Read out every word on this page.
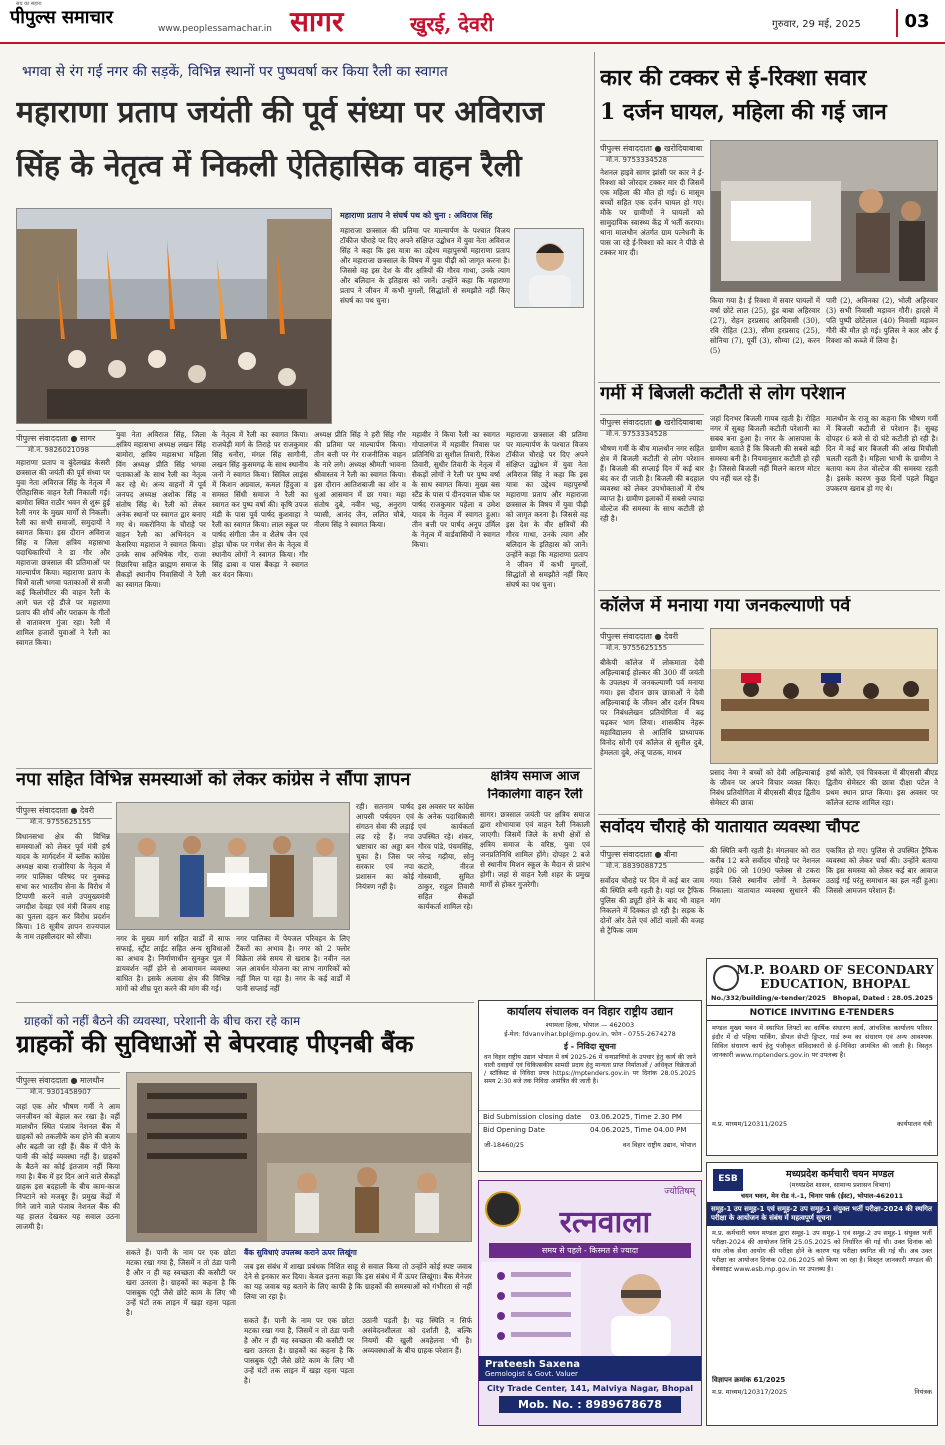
सच का सहारा
पीपुल्स समाचार
www.peoplessamachar.in सागर	खुरई, देवरी	गुरुवार, 29 मई, 2025	03
भगवा से रंग गई नगर की सड़कें, विभिन्न स्थानों पर पुष्पवर्षा कर किया रैली का स्वागत
महाराणा प्रताप जयंती की पूर्व संध्या पर अविराज
सिंह के नेतृत्व में निकली ऐतिहासिक वाहन रैली
महाराणा प्रताप ने संघर्ष पथ को चुना : अविराज सिंह
महाराजा छत्रसाल की प्रतिमा पर माल्यार्पण के पश्चात विजय टॉकीज चौराहे पर दिए अपने संक्षिप्त उद्बोधन में युवा नेता अविराज सिंह ने कहा कि इस यात्रा का उद्देश्य महापुरुषों महाराणा प्रताप और महाराजा छत्रसाल के विषय में युवा पीढ़ी को जागृत करना है। जिससे वह इस देश के वीर क्षत्रियों की गौरव गाथा, उनके त्याग और बलिदान के इतिहास को जानें। उन्होंने कहा कि महाराणा प्रताप ने जीवन में कभी मुगलों, सिद्धांतों से समझौते नहीं किए संघर्ष का पथ चुना।
पीपुल्स संवाददाता ● सागर
मो.नं. 9826021098
महाराणा प्रताप व बुंदेलखंड केसरी छत्रसाल की जयंती की पूर्व संध्या पर युवा नेता अविराज सिंह के नेतृत्व में ऐतिहासिक वाहन रैली निकाली गई। बामोरा स्थित राठौर भवन से शुरू हुई रैली नगर के मुख्य मार्गों से निकली। रैली का सभी समाजों, समुदायों ने स्वागत किया। इस दौरान अविराज सिंह व जिला क्षत्रिय महासभा पदाधिकारियों ने डा गौर और महाराजा छत्रसाल की प्रतिमाओं पर माल्यार्पण किया। महाराणा प्रताप के चित्रों वाली भगवा पताकाओं से सजी कई किलोमीटर की वाहन रैली के आगे चल रहे डीजे पर महाराणा प्रताप की शौर्य और पराक्रम के गीतों से वातावरण गुंजा रहा। रैली में शामिल हजारों युवाओं ने रैली का स्वागत किया।
युवा नेता अविराज सिंह, जिला क्षत्रिय महासभा अध्यक्ष लखन सिंह बामोरा, क्षत्रिय महासभा महिला विंग अध्यक्ष प्रीति सिंह भगवा पताकाओं के साथ रैली का नेतृत्व कर रहे थे। अन्य वाहनों में पूर्व जनपद अध्यक्ष अशोक सिंह व संतोष सिंह थे। रैली को लेकर अनेक स्थानों पर स्वागत द्वार बनाए गए थे। मकरोनिया के चौराहे पर वाहन रैली का अभिनंदन व केसरिया महाराज ने स्वागत किया। उनके साथ अभिषेक गौर, राजा रिछारिया सहित ब्राह्मण समाज के सैकड़ों स्थानीय निवासियों ने रैली का स्वागत किया।
के नेतृत्व में रैली का स्वागत किया। राजघेड़ी मार्ग के तिराहे पर राजकुमार सिंह धनौरा, मंगल सिंह सागौनी, लखन सिंह कुसमगढ़ के साथ स्थानीय जनों ने स्वागत किया। सिविल लाइंस में किशन अग्रवाल, कमल हिंदुजा व समस्त सिंधी समाज ने रैली का स्वागत कर पुष्प वर्षा की। कृषि उपज मंडी के पास पूर्व पार्षद कुशवाहा ने रैली का स्वागत किया। लाल स्कूल पर पार्षद संगीता जैन व शैलेष जैन एवं होड़ा चौक पर गणेश सेन के नेतृत्व में स्थानीय लोगों ने स्वागत किया। गौर सिंह ढाबा व पास बैंकड़ा ने स्वागत कर वंदन किया।
अध्यक्ष प्रीति सिंह ने हरी सिंह गौर की प्रतिमा पर माल्यार्पण किया। तीन बत्ती पर गेर राजनीतिक वाहन के नारे लगे। अध्यक्ष श्रीमती भावना श्रीवास्तव ने रैली का स्वागत किया। इस दौरान आतिशबाजी का शोर व धुआं आसमान में छा गया। महा संतोष दुबे, नवीन भट्ट, अनुराग प्यासी, आनंद जैन, ललित चौबे, नीलम सिंह ने स्वागत किया।
महावीर ने किया रैली का स्वागत गोपालगंज में महावीर निवास पर प्रतिनिधि डा सुशील तिवारी, रिंकेश तिवारी, सुधीर तिवारी के नेतृत्व में सैकड़ों लोगों ने रैली पर पुष्प वर्षा के साथ स्वागत किया। मुख्य बस स्टैंड के पास पं दीनदयाल चौक पर पार्षद राजकुमार पहेला व उमेश यादव के नेतृत्व में स्वागत हुआ। तीन बत्ती पर पार्षद अनूप उर्मिल के नेतृत्व में वार्डवासियों ने स्वागत किया।
महाराजा छत्रसाल की प्रतिमा पर माल्यार्पण के पश्चात विजय टॉकीज चौराहे पर दिए अपने संक्षिप्त उद्बोधन में युवा नेता अविराज सिंह ने कहा कि इस यात्रा का उद्देश्य महापुरुषों महाराणा प्रताप और महाराजा छत्रसाल के विषय में युवा पीढ़ी को जागृत करना है। जिससे वह इस देश के वीर क्षत्रियों की गौरव गाथा, उनके त्याग और बलिदान के इतिहास को जानें। उन्होंने कहा कि महाराणा प्रताप ने जीवन में कभी मुगलों, सिद्धांतों से समझौते नहीं किए संघर्ष का पथ चुना।
कार की टक्कर से ई-रिक्शा सवार
1 दर्जन घायल, महिला की गई जान
पीपुल्स संवाददाता ● खरोदियाबाबा
मो.नं. 9753334528
नेशनल हाइवे सागर झांसी पर कार ने ई-रिक्शा को जोरदार टक्कर मार दी जिसमें एक महिला की मौत हो गई। 6 मासूम बच्चों सहित एक दर्जन घायल हो गए। मौके पर ग्रामीणों ने घायलों को सामुदायिक स्वास्थ्य केंद्र में भर्ती कराया। थाना मालथौन अंतर्गत ग्राम पत्नेधनी के पास जा रहे ई-रिक्शा को कार ने पीछे से टक्कर मार दी।
किया गया है। ई रिक्शा में सवार घायलों में वर्षा छोटे लाल (25), हुंड बाबा अहिरवार (27), रोहन हरप्रसाद आदिवासी (30), रवि रोहित (23), सीमा हरप्रसाद (25), सोनिया (7), पूर्वी (3), सौम्या (2), करन (5)
पारी (2), अविनका (2), भोली अहिरवार (3) सभी निवासी मड़ावन गौरी। हादसे में पति पुष्पी छोटेलाल (40) निवासी मड़ावन गौरी की मौत हो गई। पुलिस ने कार और ई रिक्शा को कब्जे में लिया है।
गर्मी में बिजली कटौती से लोग परेशान
पीपुल्स संवाददाता ● खरोदियाबाबा
मो.नं. 9753334528
भीषण गर्मी के बीच मालथौन नगर सहित क्षेत्र में बिजली कटौती से लोग परेशान हैं। बिजली की सप्लाई दिन में कई बार बंद कर दी जाती है। बिजली की बदहाल व्यवस्था को लेकर उपभोक्ताओं में रोष व्याप्त है। ग्रामीण इलाकों में सबसे ज्यादा वोल्टेज की समस्या के साथ कटौती हो रही है।
जहां दिनभर बिजली गायब रहती है। रोहित नगर में सुबह बिजली कटौती परेशानी का सबब बना हुआ है। नगर के आसपास के ग्रामीण बताते हैं कि बिजली की सबसे बड़ी समस्या बनी है। नियमानुसार कटौती हो रही है। जिससे बिजली नहीं मिलने कारण मोटर पंप नहीं चल रहे हैं।
मालथौन के राजू का कहना कि भीषण गर्मी में बिजली कटौती से परेशान हैं। सुबह दोपहर 6 बजे से दो घंटे कटौती हो रही है। दिन में कई बार बिजली की आंख मिचौली चलती रहती है। महिला भाभी के ग्रामीण ने बताया कम तेज वोल्टेज की समस्या रहती है। इसके कारण कुछ दिनों पहले विद्युत उपकरण खराब हो गए थे।
कॉलेज में मनाया गया जनकल्याणी पर्व
पीपुल्स संवाददाता ● देवरी
मो.नं. 9755625155
बीकेपी कॉलेज में लोकमाता देवी अहिल्याबाई होल्कर की 300 वीं जयंती के उपलक्ष्य में जनकल्याणी पर्व मनाया गया। इस दौरान छात्र छात्राओं ने देवी अहिल्याबाई के जीवन और दर्शन विषय पर निबंधलेखन प्रतियोगिता में बढ़ चढ़कर भाग लिया। शासकीय नेहरू महाविद्यालय से आतिथि प्राध्यापक विनोद सोनी एवं कॉलेज से सुनील दुबे, हेमलता दुबे, अंजू पाठक, माधव
प्रसाद नेमा ने बच्चों को देवी अहिल्याबाई के जीवन पर अपने विचार व्यक्त किए। निबंध प्रतियोगिता में बीएससी बीएड द्वितीय सेमेस्टर की छात्रा
हर्षा कोरी, एवं चित्रकला में बीएससी बीएड द्वितीय सेमेस्टर की छात्रा दीक्षा पटेल ने प्रथम स्थान प्राप्त किया। इस अवसर पर कॉलेज स्टाफ शामिल रहा।
नपा सहित विभिन्न समस्याओं को लेकर कांग्रेस ने सौंपा ज्ञापन
पीपुल्स संवाददाता ● देवरी
मो.नं. 9755625155
विधानसभा क्षेत्र की विभिन्न समस्याओं को लेकर पूर्व मंत्री हर्ष यादव के मार्गदर्शन में ब्लॉक कांग्रेस अध्यक्ष बाबा राजोरिया के नेतृत्व में नगर पालिका परिषद पर नुक्कड़ सभा कर भारतीय सेना के विरोध में टिप्पणी करने वाले उपमुख्यमंत्री जगदीश देवड़ा एवं मंत्री विजय शाह का पुतला दहन कर विरोध प्रदर्शन किया। 18 सूत्रीय ज्ञापन राज्यपाल के नाम तहसीलदार को सौंपा।	नगर के मुख्य मार्ग सहित वार्डों में साफ सफाई, स्ट्रीट लाईट सहित अन्य सुविधाओं का अभाव है। निर्माणाधीन सुनकुर पुल में डायवर्शन नहीं होने से आवागमन व्यवस्था बाधित है। इसके अलावा क्षेत्र की विभिन्न मांगों को शीघ्र पूरा करने की मांग की गई।
नगर पालिका में पेयजल परिवहन के लिए टैंकरों का अभाव है। नगर को 2 फ्लोर विक्रेता लंबे समय से खराब है। नवीन नल जल आवर्धन योजना का लाभ नागरिकों को नहीं मिल पा रहा है। नगर के कई वार्डों में पानी सप्लाई नहीं
रही। सतनाम पार्षद आपसी पर्षदयन एवं संगठन सेवा की लड़ाई लड़ रहे हैं। नपा भ्रष्टाचार का अड्डा बन चुका है। जिस पर सरकार एवं नपा प्रशासन का कोई नियंत्रण नहीं है।
इस अवसर पर कांग्रेस के अनेक पदाधिकारी एवं कार्यकर्ता उपस्थित रहे। शंकर, गौरव पांडे, पंचमसिंह, नरेन्द्र गढ़ीया, सोनू कटारे, नीरज गोस्वामी, सुमित ठाकुर, राहुल तिवारी सहित सैकड़ों कार्यकर्ता शामिल रहे।
क्षत्रिय समाज आज
निकालेगा वाहन रैली
सागर। छत्रसाल जयंती पर क्षत्रिय समाज द्वारा शोभायात्रा एवं वाहन रैली निकाली जाएगी। जिसमें जिले के सभी क्षेत्रों से क्षत्रिय समाज के वरिष्ठ, युवा एवं जनप्रतिनिधि शामिल होंगे। दोपहर 2 बजे से स्थानीय मिशन स्कूल के मैदान से प्रारंभ होगी। जहां से वाहन रैली शहर के प्रमुख मार्गों से होकर गुजरेगी।
सर्वोदय चौराहे की यातायात व्यवस्था चौपट
पीपुल्स संवाददाता ● बीना
मो.नं. 8839088725
सर्वोदय चौराहे पर दिन में कई बार जाम की स्थिति बनी रहती है। यहां पर ट्रैफिक पुलिस की ड्यूटी होने के बाद भी वाहन निकलने में दिक्कत हो रही है। सड़क के दोनों ओर ठेले एवं ऑटो वालों की वजह से ट्रैफिक जाम
की स्थिति बनी रहती है। मंगलवार को रात करीब 12 बजे सर्वोदय चौराहे पर नेशनल हाईवे 06 जो 1090 फ्लेक्स से टकरा गया। जिसे स्थानीय लोगों ने ठेलकर निकाला। यातायात व्यवस्था सुधारने की मांग
एकत्रित हो गए। पुलिस से उपस्थित ट्रैफिक व्यवस्था को लेकर चर्चा की। उन्होंने बताया कि इस समस्या को लेकर कई बार आवाज उठाई गई परंतु समाधान का हल नहीं हुआ। जिससे आमजन परेशान हैं।
कार्यालय संचालक वन विहार राष्ट्रीय उद्यान
श्यामला हिल्स, भोपाल — 462003
ई-मेल: fdvanvihar.bpl@mp.gov.in, फोन - 0755-2674278
ई - निविदा सूचना
वन विहार राष्ट्रीय उद्यान भोपाल में वर्ष 2025-26 में वन्यप्राणियों के उपचार हेतु कार्य की जाने वाली दवाइयों एवं चिकित्सकीय सामग्री प्रदाय हेतु मान्यता प्राप्त निर्माताओं / अधिकृत विक्रेताओं / स्टॉकिस्ट से निविदा प्रपत्र https://mptenders.gov.in पर दिनांक 28.05.2025 समय 2:30 बजे तक निविदा आमंत्रित की जाती है।
Bid Submission closing date	03.06.2025, Time 2.30 PM
Bid Opening Date	04.06.2025, Time 04.00 PM
जी-18460/25	वन विहार राष्ट्रीय उद्यान, भोपाल
ज्योतिषम्
रत्नवाला
समय से पहले - किस्मत से ज्यादा
Prateesh Saxena
Gemologist & Govt. Valuer
City Trade Center, 141, Malviya Nagar, Bhopal
Mob. No. : 8989678678
M.P. BOARD OF SECONDARY
EDUCATION, BHOPAL
No./332/building/e-tender/2025 Bhopal, Dated : 28.05.2025
NOTICE INVITING E-TENDERS
मण्डल मुख्य भवन में स्थापित लिफ्टों का वार्षिक संधारण कार्य, आंचलिक कार्यालय परिसर इंदौर में दो पहिया पार्किंग, डीपल सेप्टी ड्रिप्टर, गार्ड रूम का संधारण एवं अन्य आवश्यक सिविल संधारण कार्य हेतु पंजीकृत संविदाकारों से ई-निविदा आमंत्रित की जाती है। विस्तृत जानकारी www.mptenders.gov.in पर उपलब्ध है।
म.प्र. माध्यम/120311/2025	कार्यपालन यंत्री
ESB	मध्यप्रदेश कर्मचारी चयन मण्डल
(मध्यप्रदेश शासन, सामान्य प्रशासन विभाग)
चयन भवन, मेन रोड नं.-1, चिनार पार्क (ईस्ट), भोपाल-462011
समूह-1 उप समूह-1 एवं समूह-2 उप समूह-1 संयुक्त भर्ती परीक्षा-2024 की स्थगित परीक्षा के आयोजन के संबंध में महत्वपूर्ण सूचना
म.प्र. कर्मचारी चयन मण्डल द्वारा समूह-1 उप समूह-1 एवं समूह-2 उप समूह-1 संयुक्त भर्ती परीक्षा-2024 की आयोजन तिथि 25.05.2025 को निर्धारित की गई थी। उक्त दिनांक को संघ लोक सेवा आयोग की परीक्षा होने के कारण यह परीक्षा स्थगित की गई थी। अब उक्त परीक्षा का आयोजन दिनांक 02.06.2025 को किया जा रहा है। विस्तृत जानकारी मण्डल की वेबसाइट www.esb.mp.gov.in पर उपलब्ध है।
विज्ञापन क्रमांक 61/2025
म.प्र. माध्यम/120317/2025	नियंत्रक
ग्राहकों को नहीं बैठने की व्यवस्था, परेशानी के बीच करा रहे काम
ग्राहकों की सुविधाओं से बेपरवाह पीएनबी बैंक
पीपुल्स संवाददाता ● मालथौन
मो.नं. 9301458907
जहां एक ओर भीषण गर्मी ने आम जनजीवन को बेहाल कर रखा है। वहीं मालथौन स्थित पंजाब नेशनल बैंक में ग्राहकों को तकलीफें कम होने की बजाय और बढ़ती जा रही हैं। बैंक में पीने के पानी की कोई व्यवस्था नहीं है। ग्राहकों के बैठने का कोई इंतजाम नहीं किया गया है। बैंक में हर दिन आने वाले सैकड़ों ग्राहक इस बदहाली के बीच काम-काज निपटाने को मजबूर हैं। प्रमुख केंद्रों में गिने जाने वाले पंजाब नेशनल बैंक की यह हालत देखकर यह सवाल उठना लाजमी है।
सकते हैं। पानी के नाम पर एक छोटा मटका रखा गया है, जिसमें न तो ठंडा पानी है और न ही यह स्वच्छता की कसौटी पर खरा उतरता है। ग्राहकों का कहना है कि पासबुक एंट्री जैसे छोटे काम के लिए भी उन्हें घंटों तक लाइन में खड़ा रहना पड़ता है।
बैंक सुविधाएं उपलब्ध कराने ऊपर लिखूंगा
जब इस संबंध में शाखा प्रबंधक निशित साहू से सवाल किया तो उन्होंने कोई स्पष्ट जवाब देने से इनकार कर दिया। केवल इतना कहा कि इस संबंध में मैं ऊपर लिखूंगा। बैंक मैनेजर का यह जवाब यह बताने के लिए काफी है कि ग्राहकों की समस्याओं को गंभीरता से नहीं लिया जा रहा है।
सकते हैं। पानी के नाम पर एक छोटा मटका रखा गया है, जिसमें न तो ठंडा पानी है और न ही यह स्वच्छता की कसौटी पर खरा उतरता है। ग्राहकों का कहना है कि पासबुक एंट्री जैसे छोटे काम के लिए भी उन्हें घंटों तक लाइन में खड़ा रहना पड़ता है।
उठानी पड़ती है। यह स्थिति न सिर्फ असंवेदनशीलता को दर्शाती है, बल्कि नियमों की खुली अवहेलना भी है। अव्यवस्थाओं के बीच ग्राहक परेशान हैं।
